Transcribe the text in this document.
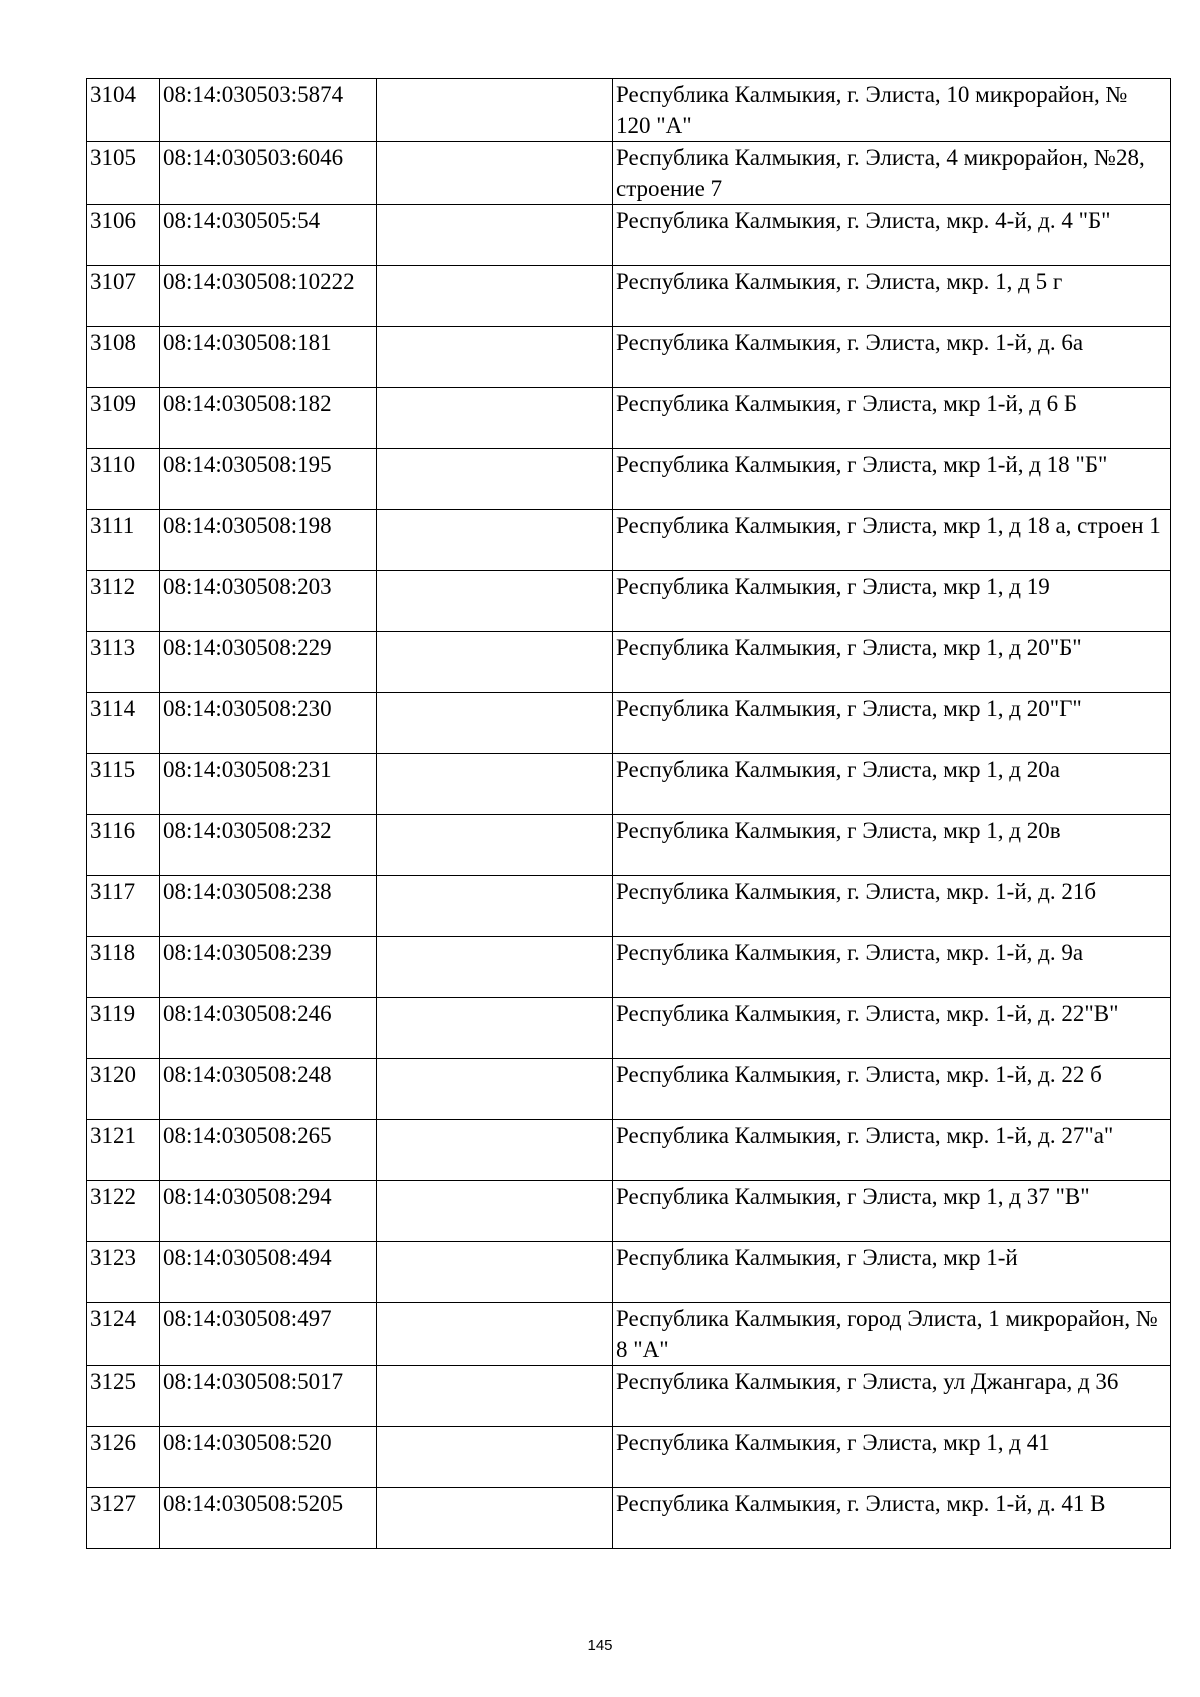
3104	08:14:030503:5874		Республика Калмыкия, г. Элиста, 10 микрорайон, № 120 "А"
3105	08:14:030503:6046		Республика Калмыкия, г. Элиста, 4 микрорайон, №28, строение 7
3106	08:14:030505:54		Республика Калмыкия, г. Элиста, мкр. 4-й, д. 4 "Б"
3107	08:14:030508:10222		Республика Калмыкия, г. Элиста, мкр. 1, д 5 г
3108	08:14:030508:181		Республика Калмыкия, г. Элиста, мкр. 1-й, д. 6а
3109	08:14:030508:182		Республика Калмыкия, г Элиста, мкр 1-й, д 6 Б
3110	08:14:030508:195		Республика Калмыкия, г Элиста, мкр 1-й, д 18 "Б"
3111	08:14:030508:198		Республика Калмыкия, г Элиста, мкр 1, д 18 а, строен 1
3112	08:14:030508:203		Республика Калмыкия, г Элиста, мкр 1, д 19
3113	08:14:030508:229		Республика Калмыкия, г Элиста, мкр 1, д 20"Б"
3114	08:14:030508:230		Республика Калмыкия, г Элиста, мкр 1, д 20"Г"
3115	08:14:030508:231		Республика Калмыкия, г Элиста, мкр 1, д 20а
3116	08:14:030508:232		Республика Калмыкия, г Элиста, мкр 1, д 20в
3117	08:14:030508:238		Республика Калмыкия, г. Элиста, мкр. 1-й, д. 21б
3118	08:14:030508:239		Республика Калмыкия, г. Элиста, мкр. 1-й, д. 9а
3119	08:14:030508:246		Республика Калмыкия, г. Элиста, мкр. 1-й, д. 22"В"
3120	08:14:030508:248		Республика Калмыкия, г. Элиста, мкр. 1-й, д. 22 б
3121	08:14:030508:265		Республика Калмыкия, г. Элиста, мкр. 1-й, д. 27"а"
3122	08:14:030508:294		Республика Калмыкия, г Элиста, мкр 1, д 37 "В"
3123	08:14:030508:494		Республика Калмыкия, г Элиста, мкр 1-й
3124	08:14:030508:497		Республика Калмыкия, город Элиста, 1 микрорайон, № 8 "А"
3125	08:14:030508:5017		Республика Калмыкия, г Элиста, ул Джангара, д 36
3126	08:14:030508:520		Республика Калмыкия, г Элиста, мкр 1, д 41
3127	08:14:030508:5205		Республика Калмыкия, г. Элиста, мкр. 1-й, д. 41 В
145
